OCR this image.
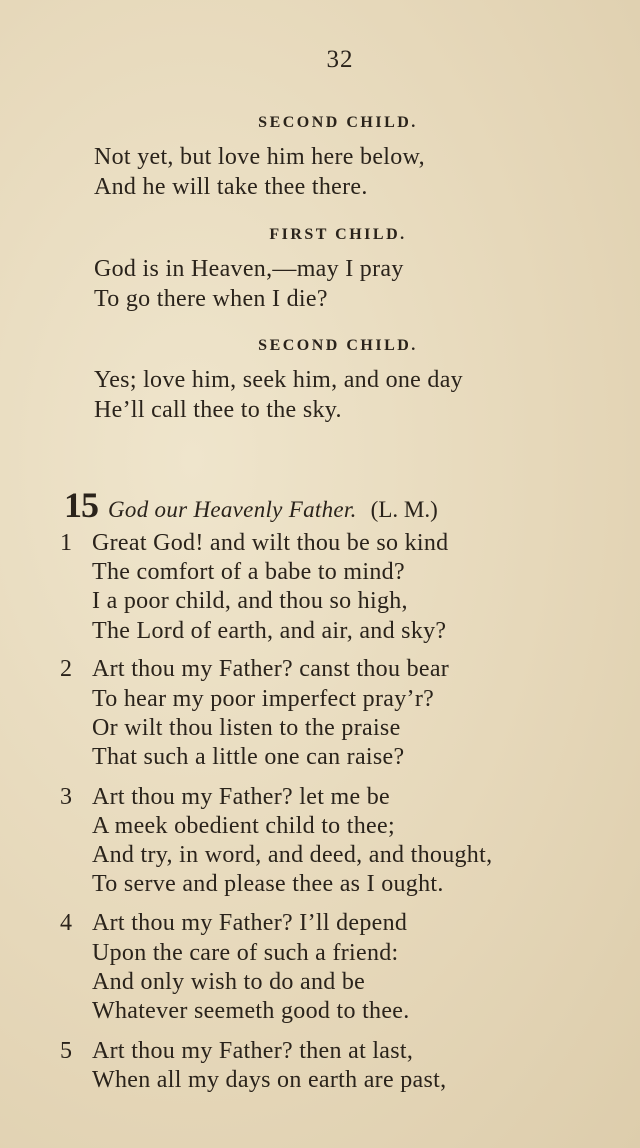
32
SECOND CHILD.
Not yet, but love him here below,
And he will take thee there.
FIRST CHILD.
God is in Heaven,—may I pray
To go there when I die?
SECOND CHILD.
Yes; love him, seek him, and one day
He’ll call thee to the sky.
15 God our Heavenly Father. (L. M.)
1 Great God! and wilt thou be so kind
The comfort of a babe to mind?
I a poor child, and thou so high,
The Lord of earth, and air, and sky?
2 Art thou my Father? canst thou bear
To hear my poor imperfect pray’r?
Or wilt thou listen to the praise
That such a little one can raise?
3 Art thou my Father? let me be
A meek obedient child to thee;
And try, in word, and deed, and thought,
To serve and please thee as I ought.
4 Art thou my Father? I’ll depend
Upon the care of such a friend:
And only wish to do and be
Whatever seemeth good to thee.
5 Art thou my Father? then at last,
When all my days on earth are past,
